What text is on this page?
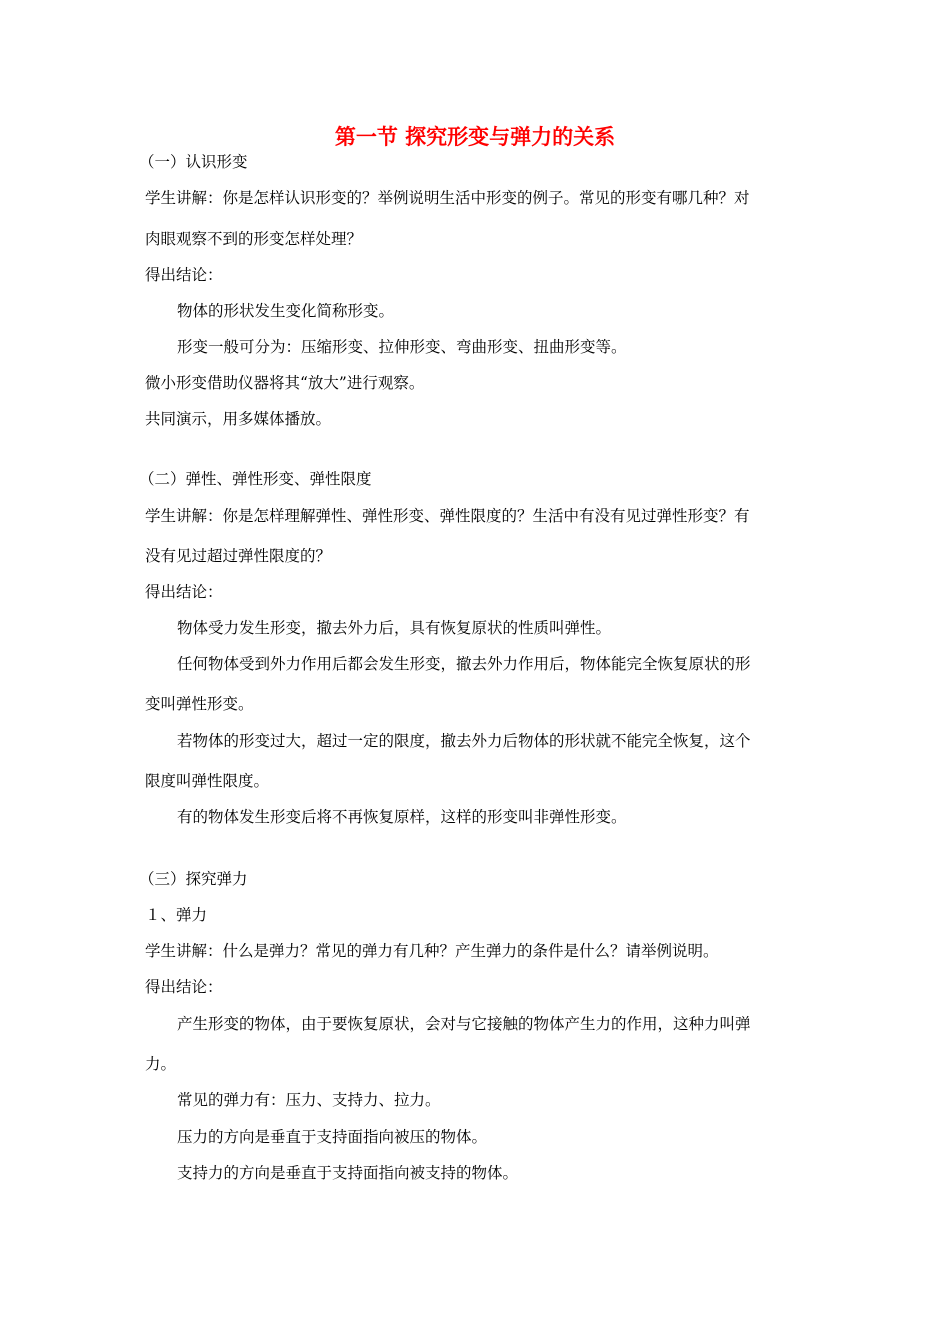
第一节 探究形变与弹力的关系
（一）认识形变
学生讲解：你是怎样认识形变的？举例说明生活中形变的例子。常见的形变有哪几种？对
肉眼观察不到的形变怎样处理？
得出结论：
物体的形状发生变化简称形变。
形变一般可分为：压缩形变、拉伸形变、弯曲形变、扭曲形变等。
微小形变借助仪器将其“放大”进行观察。
共同演示，用多媒体播放。
（二）弹性、弹性形变、弹性限度
学生讲解：你是怎样理解弹性、弹性形变、弹性限度的？生活中有没有见过弹性形变？有
没有见过超过弹性限度的？
得出结论：
物体受力发生形变，撤去外力后，具有恢复原状的性质叫弹性。
任何物体受到外力作用后都会发生形变，撤去外力作用后，物体能完全恢复原状的形
变叫弹性形变。
若物体的形变过大，超过一定的限度，撤去外力后物体的形状就不能完全恢复，这个
限度叫弹性限度。
有的物体发生形变后将不再恢复原样，这样的形变叫非弹性形变。
（三）探究弹力
１、弹力
学生讲解：什么是弹力？常见的弹力有几种？产生弹力的条件是什么？请举例说明。
得出结论：
产生形变的物体，由于要恢复原状，会对与它接触的物体产生力的作用，这种力叫弹
力。
常见的弹力有：压力、支持力、拉力。
压力的方向是垂直于支持面指向被压的物体。
支持力的方向是垂直于支持面指向被支持的物体。
